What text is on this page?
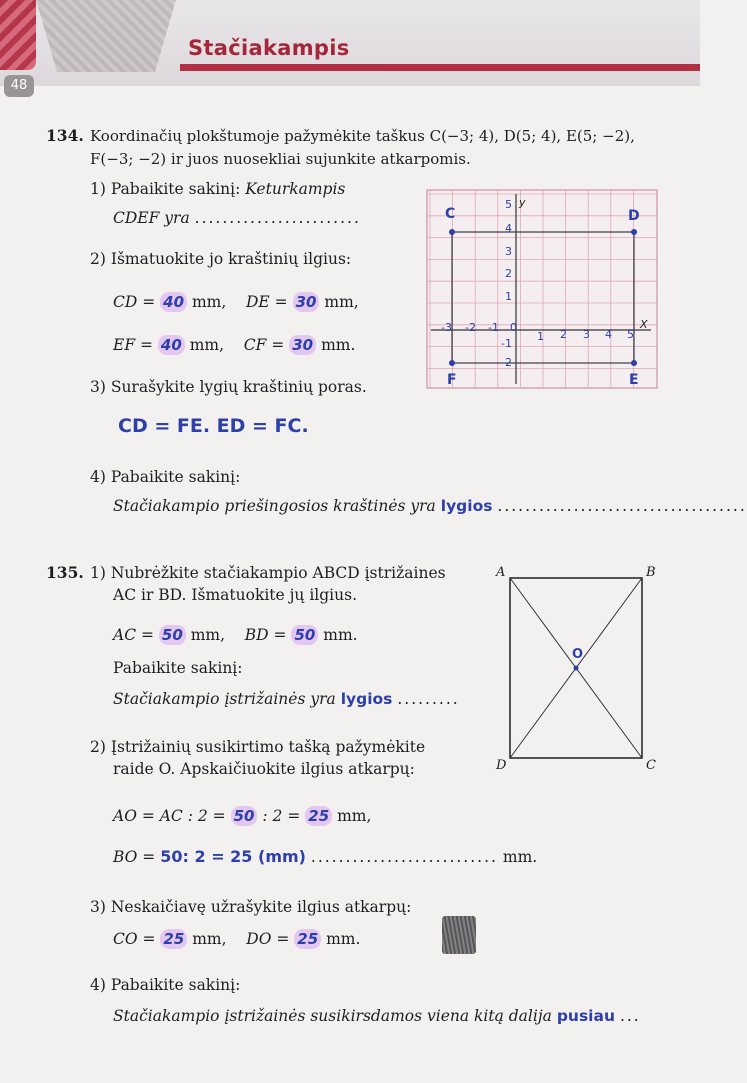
Stačiakampis
48
134. Koordinačių plokštumoje pažymėkite taškus C(−3; 4), D(5; 4), E(5; −2),
F(−3; −2) ir juos nuosekliai sujunkite atkarpomis.
1) Pabaikite sakinį: Keturkampis
CDEF yra ........................
2) Išmatuokite jo kraštinių ilgius:
CD = 40 mm, DE = 30 mm,
EF = 40 mm, CF = 30 mm.
3) Surašykite lygių kraštinių poras.
CD = FE. ED = FC.
4) Pabaikite sakinį:
Stačiakampio priešingosios kraštinės yra lygios ....................................
C	D
F	E
5
4
3
2
1
-1
-2
-3 -2 -1 0
1 2 3 4 5
y
X
135. 1) Nubrėžkite stačiakampio ABCD įstrižaines
AC ir BD. Išmatuokite jų ilgius.
AC = 50 mm, BD = 50 mm.
Pabaikite sakinį:
Stačiakampio įstrižainės yra lygios .........
2) Įstrižainių susikirtimo tašką pažymėkite
raide O. Apskaičiuokite ilgius atkarpų:
AO = AC : 2 = 50 : 2 = 25 mm,
BO = 50: 2 = 25 (mm) ........................... mm.
3) Neskaičiavę užrašykite ilgius atkarpų:
CO = 25 mm, DO = 25 mm.
4) Pabaikite sakinį:
Stačiakampio įstrižainės susikirsdamos viena kitą dalija pusiau ...
A	B
C
D
O
